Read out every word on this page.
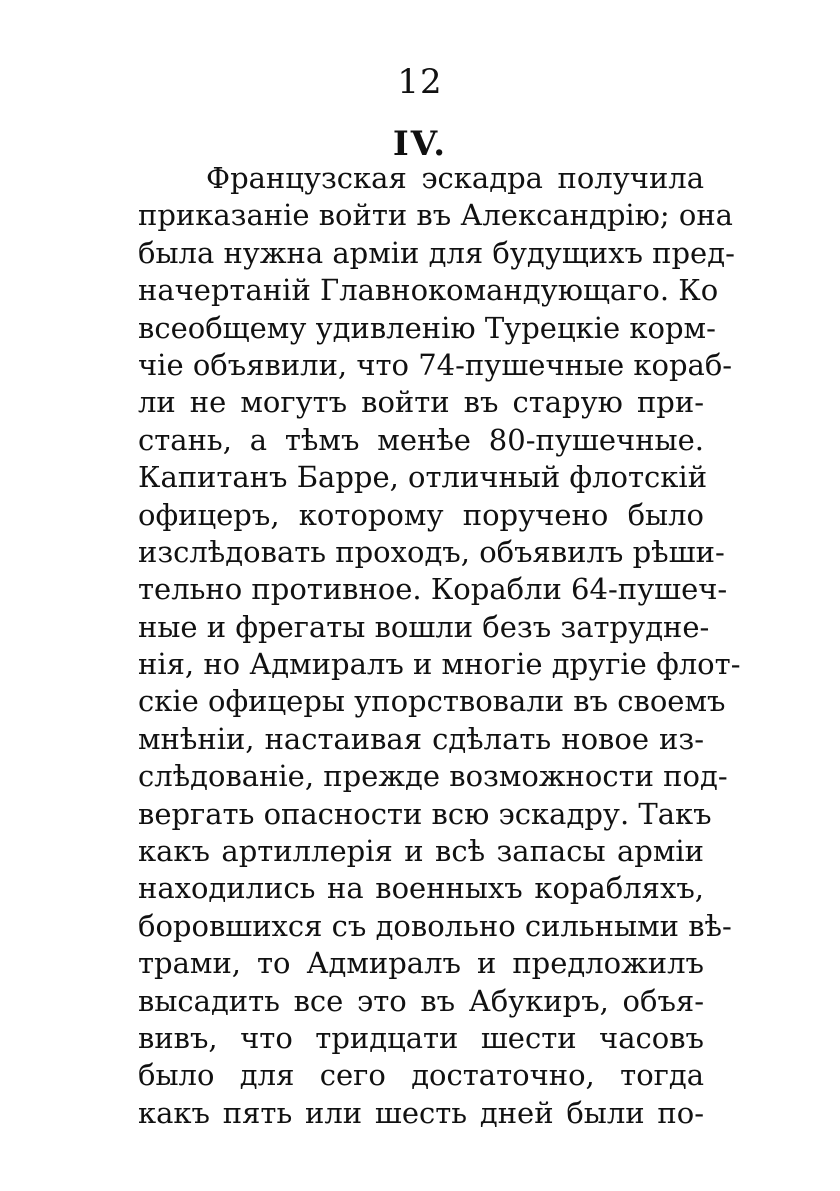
12
IV.
Французская эскадра получила
приказаніе войти въ Александрію; она
была нужна арміи для будущихъ пред-
начертаній Главнокомандующаго. Ко
всеобщему удивленію Турецкіе корм-
чіе объявили, что 74-пушечные кораб-
ли не могутъ войти въ старую при-
стань, а тѣмъ менѣе 80-пушечные.
Капитанъ Барре, отличный флотскій
офицеръ, которому поручено было
изслѣдовать проходъ, объявилъ рѣши-
тельно противное. Корабли 64-пушеч-
ные и фрегаты вошли безъ затрудне-
нія, но Адмиралъ и многіе другіе флот-
скіе офицеры упорствовали въ своемъ
мнѣніи, настаивая сдѣлать новое из-
слѣдованіе, прежде возможности под-
вергать опасности всю эскадру. Такъ
какъ артиллерія и всѣ запасы арміи
находились на военныхъ корабляхъ,
боровшихся съ довольно сильными вѣ-
трами, то Адмиралъ и предложилъ
высадить все это въ Абукиръ, объя-
вивъ, что тридцати шести часовъ
было для сего достаточно, тогда
какъ пять или шесть дней были по-
